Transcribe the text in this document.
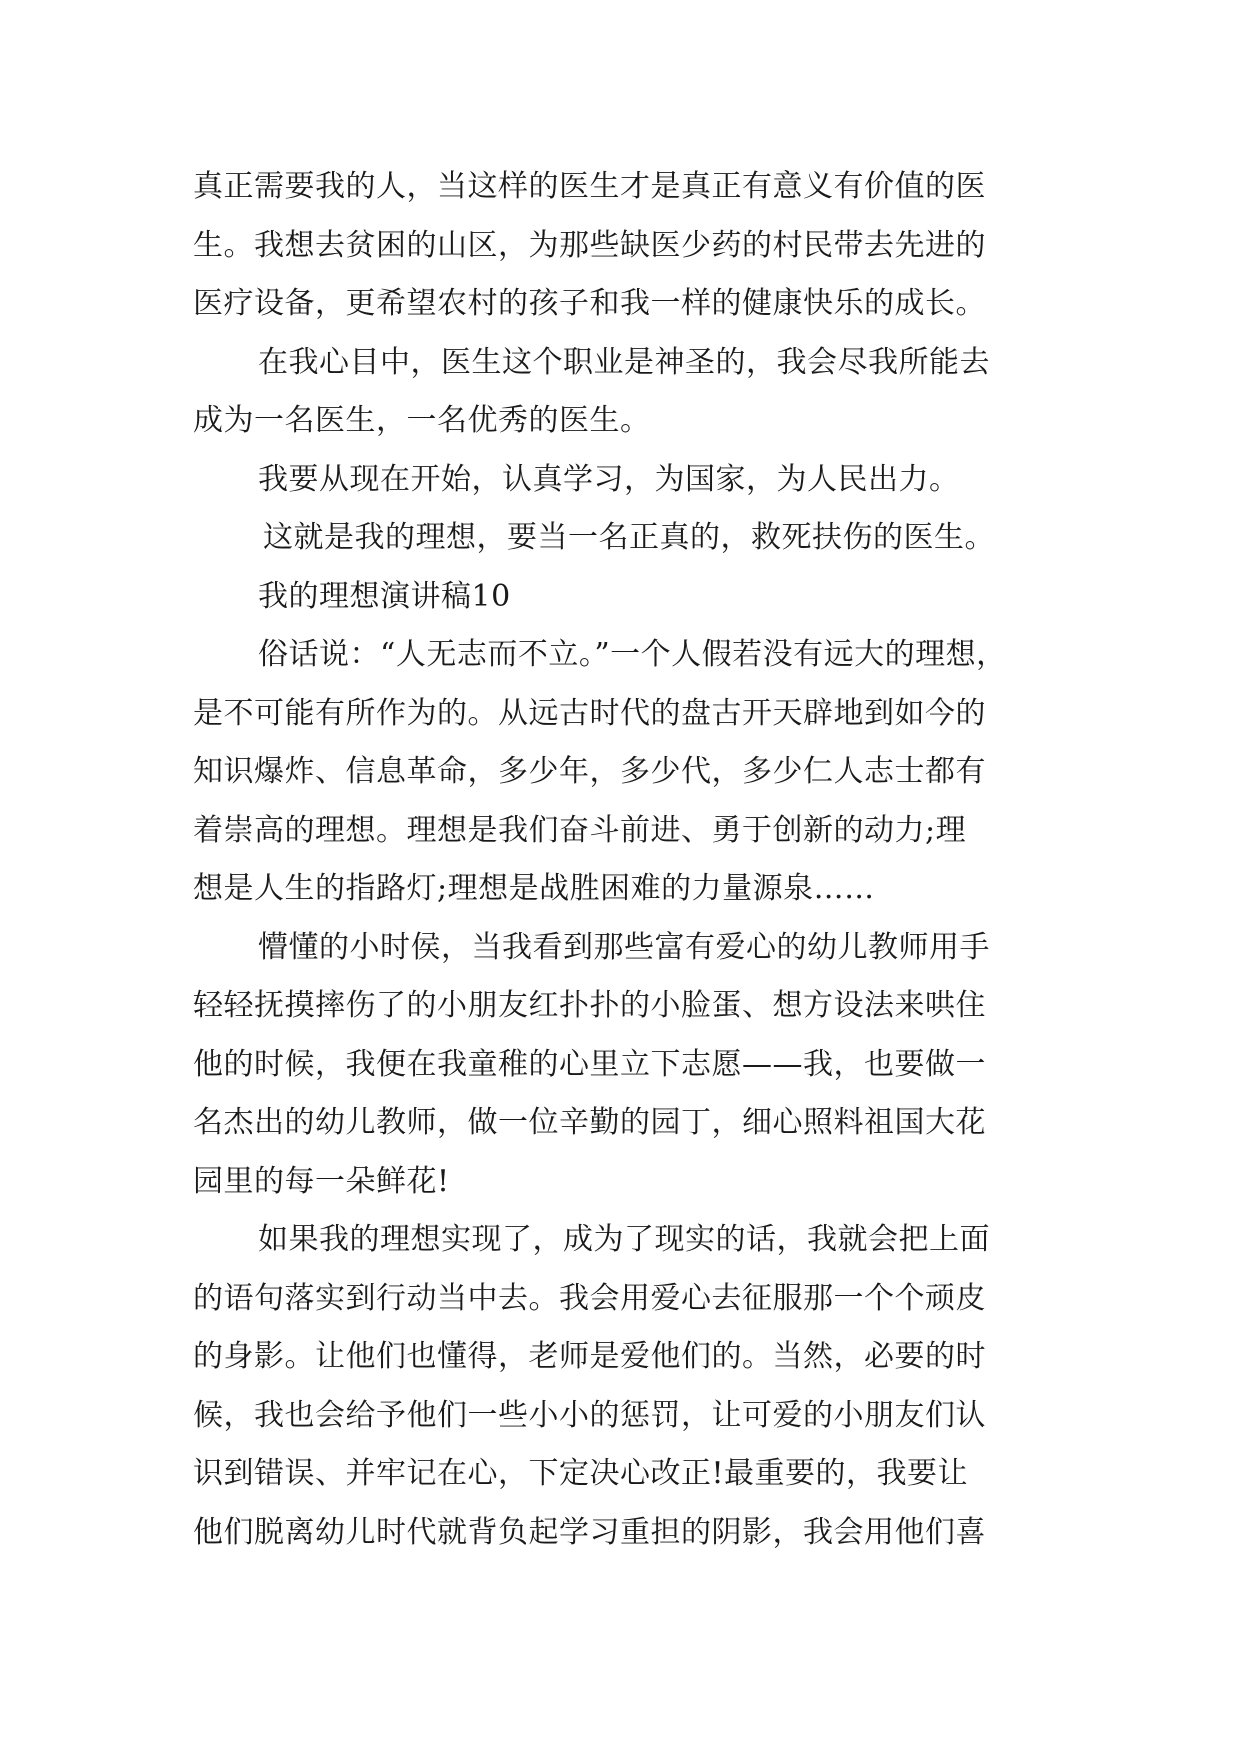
真正需要我的人，当这样的医生才是真正有意义有价值的医
生。我想去贫困的山区，为那些缺医少药的村民带去先进的
医疗设备，更希望农村的孩子和我一样的健康快乐的成长。
在我心目中，医生这个职业是神圣的，我会尽我所能去
成为一名医生，一名优秀的医生。
我要从现在开始，认真学习，为国家，为人民出力。
这就是我的理想，要当一名正真的，救死扶伤的医生。
我的理想演讲稿10
俗话说：“人无志而不立。”一个人假若没有远大的理想，
是不可能有所作为的。从远古时代的盘古开天辟地到如今的
知识爆炸、信息革命，多少年，多少代，多少仁人志士都有
着崇高的理想。理想是我们奋斗前进、勇于创新的动力;理
想是人生的指路灯;理想是战胜困难的力量源泉……
懵懂的小时侯，当我看到那些富有爱心的幼儿教师用手
轻轻抚摸摔伤了的小朋友红扑扑的小脸蛋、想方设法来哄住
他的时候，我便在我童稚的心里立下志愿——我，也要做一
名杰出的幼儿教师，做一位辛勤的园丁，细心照料祖国大花
园里的每一朵鲜花!
如果我的理想实现了，成为了现实的话，我就会把上面
的语句落实到行动当中去。我会用爱心去征服那一个个顽皮
的身影。让他们也懂得，老师是爱他们的。当然，必要的时
候，我也会给予他们一些小小的惩罚，让可爱的小朋友们认
识到错误、并牢记在心，下定决心改正!最重要的，我要让
他们脱离幼儿时代就背负起学习重担的阴影，我会用他们喜
